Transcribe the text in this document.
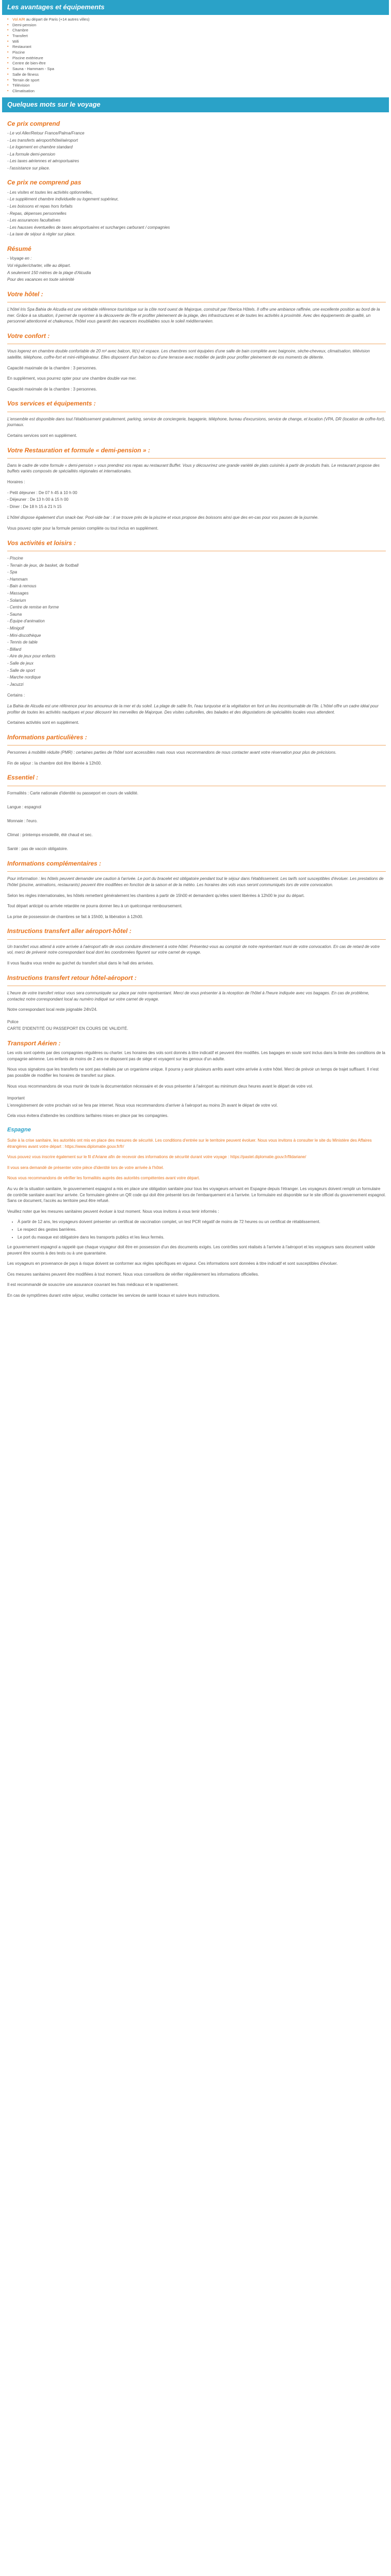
Les avantages et équipements
▪ Vol A/R au départ de Paris (+14 autres villes)
▪ Demi-pension
▪ Chambre
▪ Transfert
▪ Wifi
▪ Restaurant
▪ Piscine
▪ Piscine extérieure
▪ Centre de bien-être
▪ Sauna - Hammam - Spa
▪ Salle de fitness
▪ Terrain de sport
▪ Télévision
▪ Climatisation
Quelques mots sur le voyage
Ce prix comprend

- Le vol Aller/Retour France/Palma/France

- Les transferts aéroport/hôtel/aéroport

- Le logement en chambre standard

- La formule demi-pension

- Les taxes aériennes et aéroportuaires

- l'assistance sur place.

Ce prix ne comprend pas

- Les visites et toutes les activités optionnelles,

- Le supplément chambre individuelle ou logement supérieur,

- Les boissons et repas hors forfaits

- Repas, dépenses personnelles

- Les assurances facultatives

- Les hausses éventuelles de taxes aéroportuaires et surcharges carburant / compagnies

- La taxe de séjour à régler sur place.

Résumé

- Voyage en :

Vol régulier/charter, ville au départ.

A seulement 150 mètres de la plage d'Alcudia

Pour des vacances en toute sérénité

Votre hôtel :

L'hôtel Iris Spa Bahia de Alcudia est une véritable référence touristique sur la côte nord ouest de Majorque, construit par l'Iberica Hôtels. Il offre une ambiance raffinée, une excellente position au bord de la mer. Grâce à sa situation, il permet de rayonner à la découverte de l'île et profiter pleinement de la plage, des infrastructures et de toutes les activités à proximité. Avec des équipements de qualité, un personnel attentionné et chaleureux, l'hôtel vous garantit des vacances inoubliables sous le soleil méditerranéen.

Votre confort :

Vous logerez en chambre double confortable de 20 m² avec balcon, lit(s) et espace. Les chambres sont équipées d'une salle de bain complète avec baignoire, sèche-cheveux, climatisation, télévision satellite, téléphone, coffre-fort et mini-réfrigérateur. Elles disposent d'un balcon ou d'une terrasse avec mobilier de jardin pour profiter pleinement de vos moments de détente.

Capacité maximale de la chambre : 3 personnes.

En supplément, vous pourrez opter pour une chambre double vue mer.

Capacité maximale de la chambre : 3 personnes.

Vos services et équipements :

L'ensemble est disponible dans tout l'établissement gratuitement, parking, service de conciergerie, bagagerie, téléphone, bureau d'excursions, service de change, et location (VPA, DR (location de coffre-fort), journaux.

Certains services sont en supplément.

Votre Restauration et formule « demi-pension » :

Dans le cadre de votre formule « demi-pension » vous prendrez vos repas au restaurant Buffet. Vous y découvrirez une grande variété de plats cuisinés à partir de produits frais. Le restaurant propose des buffets variés composés de spécialités régionales et internationales.

Horaires :

- Petit déjeuner : De 07 h 45 à 10 h 00

- Déjeuner : De 13 h 00 à 15 h 00

- Diner : De 18 h 15 à 21 h 15

L'hôtel dispose également d'un snack-bar. Pool-side bar : il se trouve près de la piscine et vous propose des boissons ainsi que des en-cas pour vos pauses de la journée.

Vous pouvez opter pour la formule pension complète ou tout inclus en supplément.

Vos activités et loisirs :

- Piscine

- Terrain de jeux, de basket, de football

- Spa

- Hammam

- Bain à remous

- Massages

- Solarium

- Centre de remise en forme

- Sauna

- Équipe d'animation

- Minigolf

- Mini-discothèque

- Tennis de table

- Billard

- Aire de jeux pour enfants

- Salle de jeux

- Salle de sport

- Marche nordique

- Jacuzzi

Certains :

La Bahia de Alcudia est une référence pour les amoureux de la mer et du soleil. La plage de sable fin, l'eau turquoise et la végétation en font un lieu incontournable de l'île. L'hôtel offre un cadre idéal pour profiter de toutes les activités nautiques et pour découvrir les merveilles de Majorque. Des visites culturelles, des balades et des dégustations de spécialités locales vous attendent.

Certaines activités sont en supplément.

Informations particulières :

Personnes à mobilité réduite (PMR) : certaines parties de l'hôtel sont accessibles mais nous vous recommandons de nous contacter avant votre réservation pour plus de précisions.

Fin de séjour : la chambre doit être libérée à 12h00.

Essentiel :

Formalités : Carte nationale d'identité ou passeport en cours de validité.

Langue : espagnol

Monnaie : l'euro.

Climat : printemps ensoleillé, été chaud et sec.

Santé : pas de vaccin obligatoire.

Informations complémentaires :

Pour information : les hôtels peuvent demander une caution à l'arrivée. Le port du bracelet est obligatoire pendant tout le séjour dans l'établissement. Les tarifs sont susceptibles d'évoluer. Les prestations de l'hôtel (piscine, animations, restaurants) peuvent être modifiées en fonction de la saison et de la météo. Les horaires des vols vous seront communiqués lors de votre convocation.

Selon les règles internationales, les hôtels remettent généralement les chambres à partir de 15h00 et demandent qu'elles soient libérées à 12h00 le jour du départ.

Tout départ anticipé ou arrivée retardée ne pourra donner lieu à un quelconque remboursement.

La prise de possession de chambres se fait à 15h00, la libération à 12h00.

Instructions transfert aller aéroport-hôtel :

Un transfert vous attend à votre arrivée à l'aéroport afin de vous conduire directement à votre hôtel. Présentez-vous au comptoir de notre représentant muni de votre convocation. En cas de retard de votre vol, merci de prévenir notre correspondant local dont les coordonnées figurent sur votre carnet de voyage.

Il vous faudra vous rendre au guichet du transfert situé dans le hall des arrivées.

Instructions transfert retour hôtel-aéroport :

L'heure de votre transfert retour vous sera communiquée sur place par notre représentant. Merci de vous présenter à la réception de l'hôtel à l'heure indiquée avec vos bagages. En cas de problème, contactez notre correspondant local au numéro indiqué sur votre carnet de voyage.

Notre correspondant local reste joignable 24h/24.

Police

CARTE D'IDENTITÉ OU PASSEPORT EN COURS DE VALIDITÉ.

Transport Aérien :

Les vols sont opérés par des compagnies régulières ou charter. Les horaires des vols sont donnés à titre indicatif et peuvent être modifiés. Les bagages en soute sont inclus dans la limite des conditions de la compagnie aérienne. Les enfants de moins de 2 ans ne disposent pas de siège et voyagent sur les genoux d'un adulte.

Nous vous signalons que les transferts ne sont pas réalisés par un organisme unique. Il pourra y avoir plusieurs arrêts avant votre arrivée à votre hôtel. Merci de prévoir un temps de trajet suffisant. Il n'est pas possible de modifier les horaires de transfert sur place.

Nous vous recommandons de vous munir de toute la documentation nécessaire et de vous présenter à l'aéroport au minimum deux heures avant le départ de votre vol.

Important

L'enregistrement de votre prochain vol se fera par internet. Nous vous recommandons d'arriver à l'aéroport au moins 2h avant le départ de votre vol.

Cela vous évitera d'attendre les conditions tarifaires mises en place par les compagnies.

Espagne

Suite à la crise sanitaire, les autorités ont mis en place des mesures de sécurité. Les conditions d'entrée sur le territoire peuvent évoluer. Nous vous invitons à consulter le site du Ministère des Affaires étrangères avant votre départ : https://www.diplomatie.gouv.fr/fr/

Vous pouvez vous inscrire également sur le fil d'Ariane afin de recevoir des informations de sécurité durant votre voyage : https://pastel.diplomatie.gouv.fr/fildariane/

Il vous sera demandé de présenter votre pièce d'identité lors de votre arrivée à l'hôtel.

Nous vous recommandons de vérifier les formalités auprès des autorités compétentes avant votre départ.

Au vu de la situation sanitaire, le gouvernement espagnol a mis en place une obligation sanitaire pour tous les voyageurs arrivant en Espagne depuis l'étranger. Les voyageurs doivent remplir un formulaire de contrôle sanitaire avant leur arrivée. Ce formulaire génère un QR code qui doit être présenté lors de l'embarquement et à l'arrivée. Le formulaire est disponible sur le site officiel du gouvernement espagnol. Sans ce document, l'accès au territoire peut être refusé.

Veuillez noter que les mesures sanitaires peuvent évoluer à tout moment. Nous vous invitons à vous tenir informés :

• À partir de 12 ans, les voyageurs doivent présenter un certificat de vaccination complet, un test PCR négatif de moins de 72 heures ou un certificat de rétablissement.
• Le respect des gestes barrières.
• Le port du masque est obligatoire dans les transports publics et les lieux fermés.

Le gouvernement espagnol a rappelé que chaque voyageur doit être en possession d'un des documents exigés. Les contrôles sont réalisés à l'arrivée à l'aéroport et les voyageurs sans document valide peuvent être soumis à des tests ou à une quarantaine.

Les voyageurs en provenance de pays à risque doivent se conformer aux règles spécifiques en vigueur. Ces informations sont données à titre indicatif et sont susceptibles d'évoluer.

Ces mesures sanitaires peuvent être modifiées à tout moment. Nous vous conseillons de vérifier régulièrement les informations officielles.

Il est recommandé de souscrire une assurance couvrant les frais médicaux et le rapatriement.

En cas de symptômes durant votre séjour, veuillez contacter les services de santé locaux et suivre leurs instructions.
